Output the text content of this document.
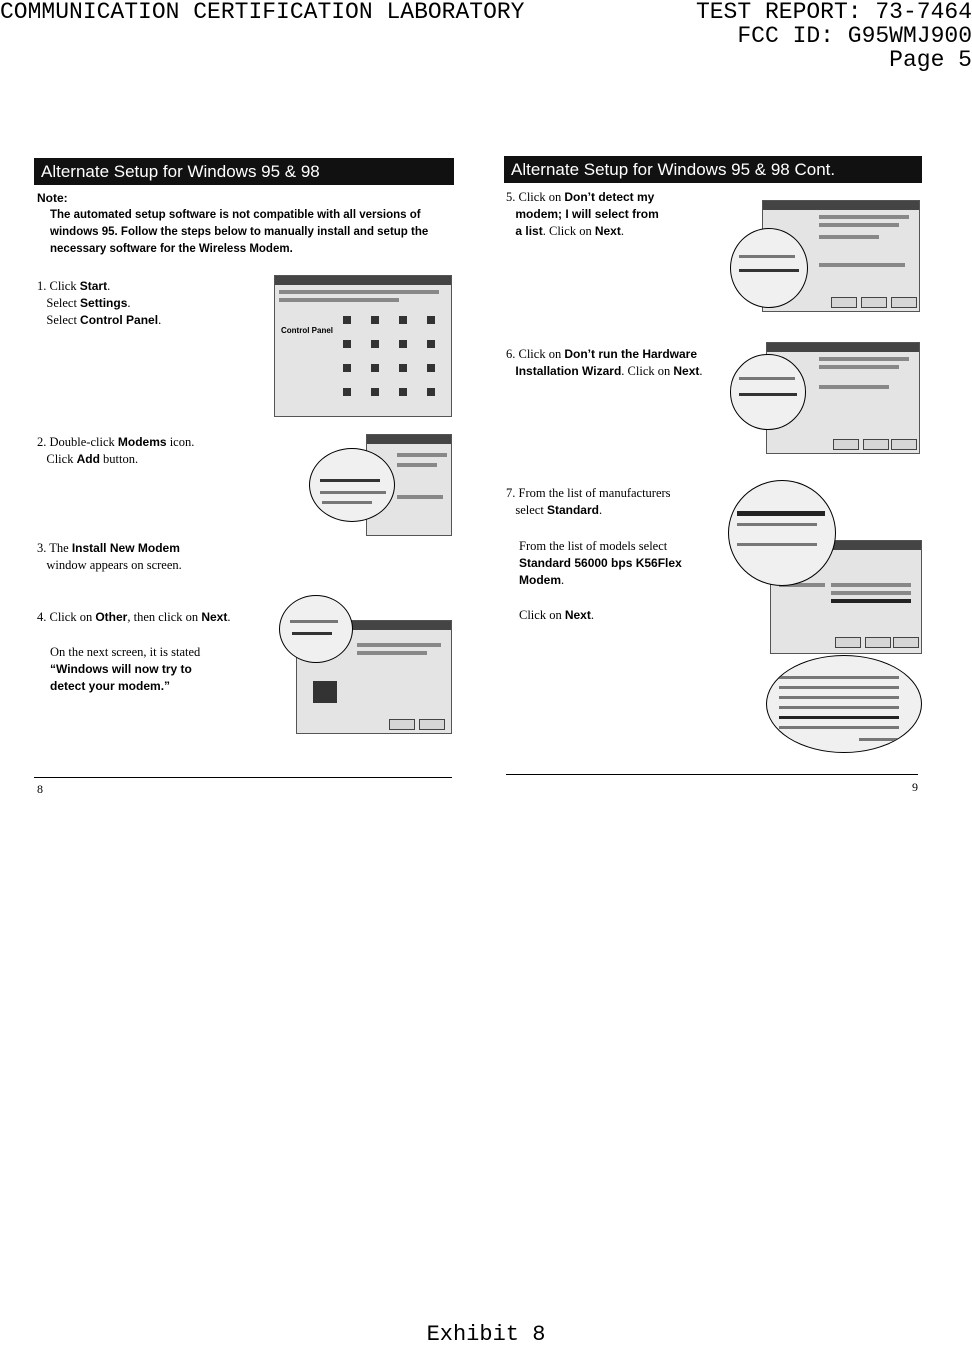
COMMUNICATION CERTIFICATION LABORATORY	TEST REPORT: 73-7464
FCC ID: G95WMJ900
Page 5
Alternate Setup for Windows 95 & 98
Note:
The automated setup software is not compatible with all versions of windows 95. Follow the steps below to manually install and setup the necessary software for the Wireless Modem.
1. Click Start.
Select Settings.
Select Control Panel.
Control Panel
2. Double-click Modems icon.
Click Add button.
3. The Install New Modem
window appears on screen.
4. Click on Other, then click on Next.
On the next screen, it is stated
“Windows will now try to
detect your modem.”
8
Alternate Setup for Windows 95 & 98 Cont.
5. Click on Don’t detect my
modem; I will select from
a list. Click on Next.
6. Click on Don’t run the Hardware
Installation Wizard. Click on Next.
7. From the list of manufacturers
select Standard.
From the list of models select
Standard 56000 bps K56Flex
Modem.
Click on Next.
9
Exhibit 8
